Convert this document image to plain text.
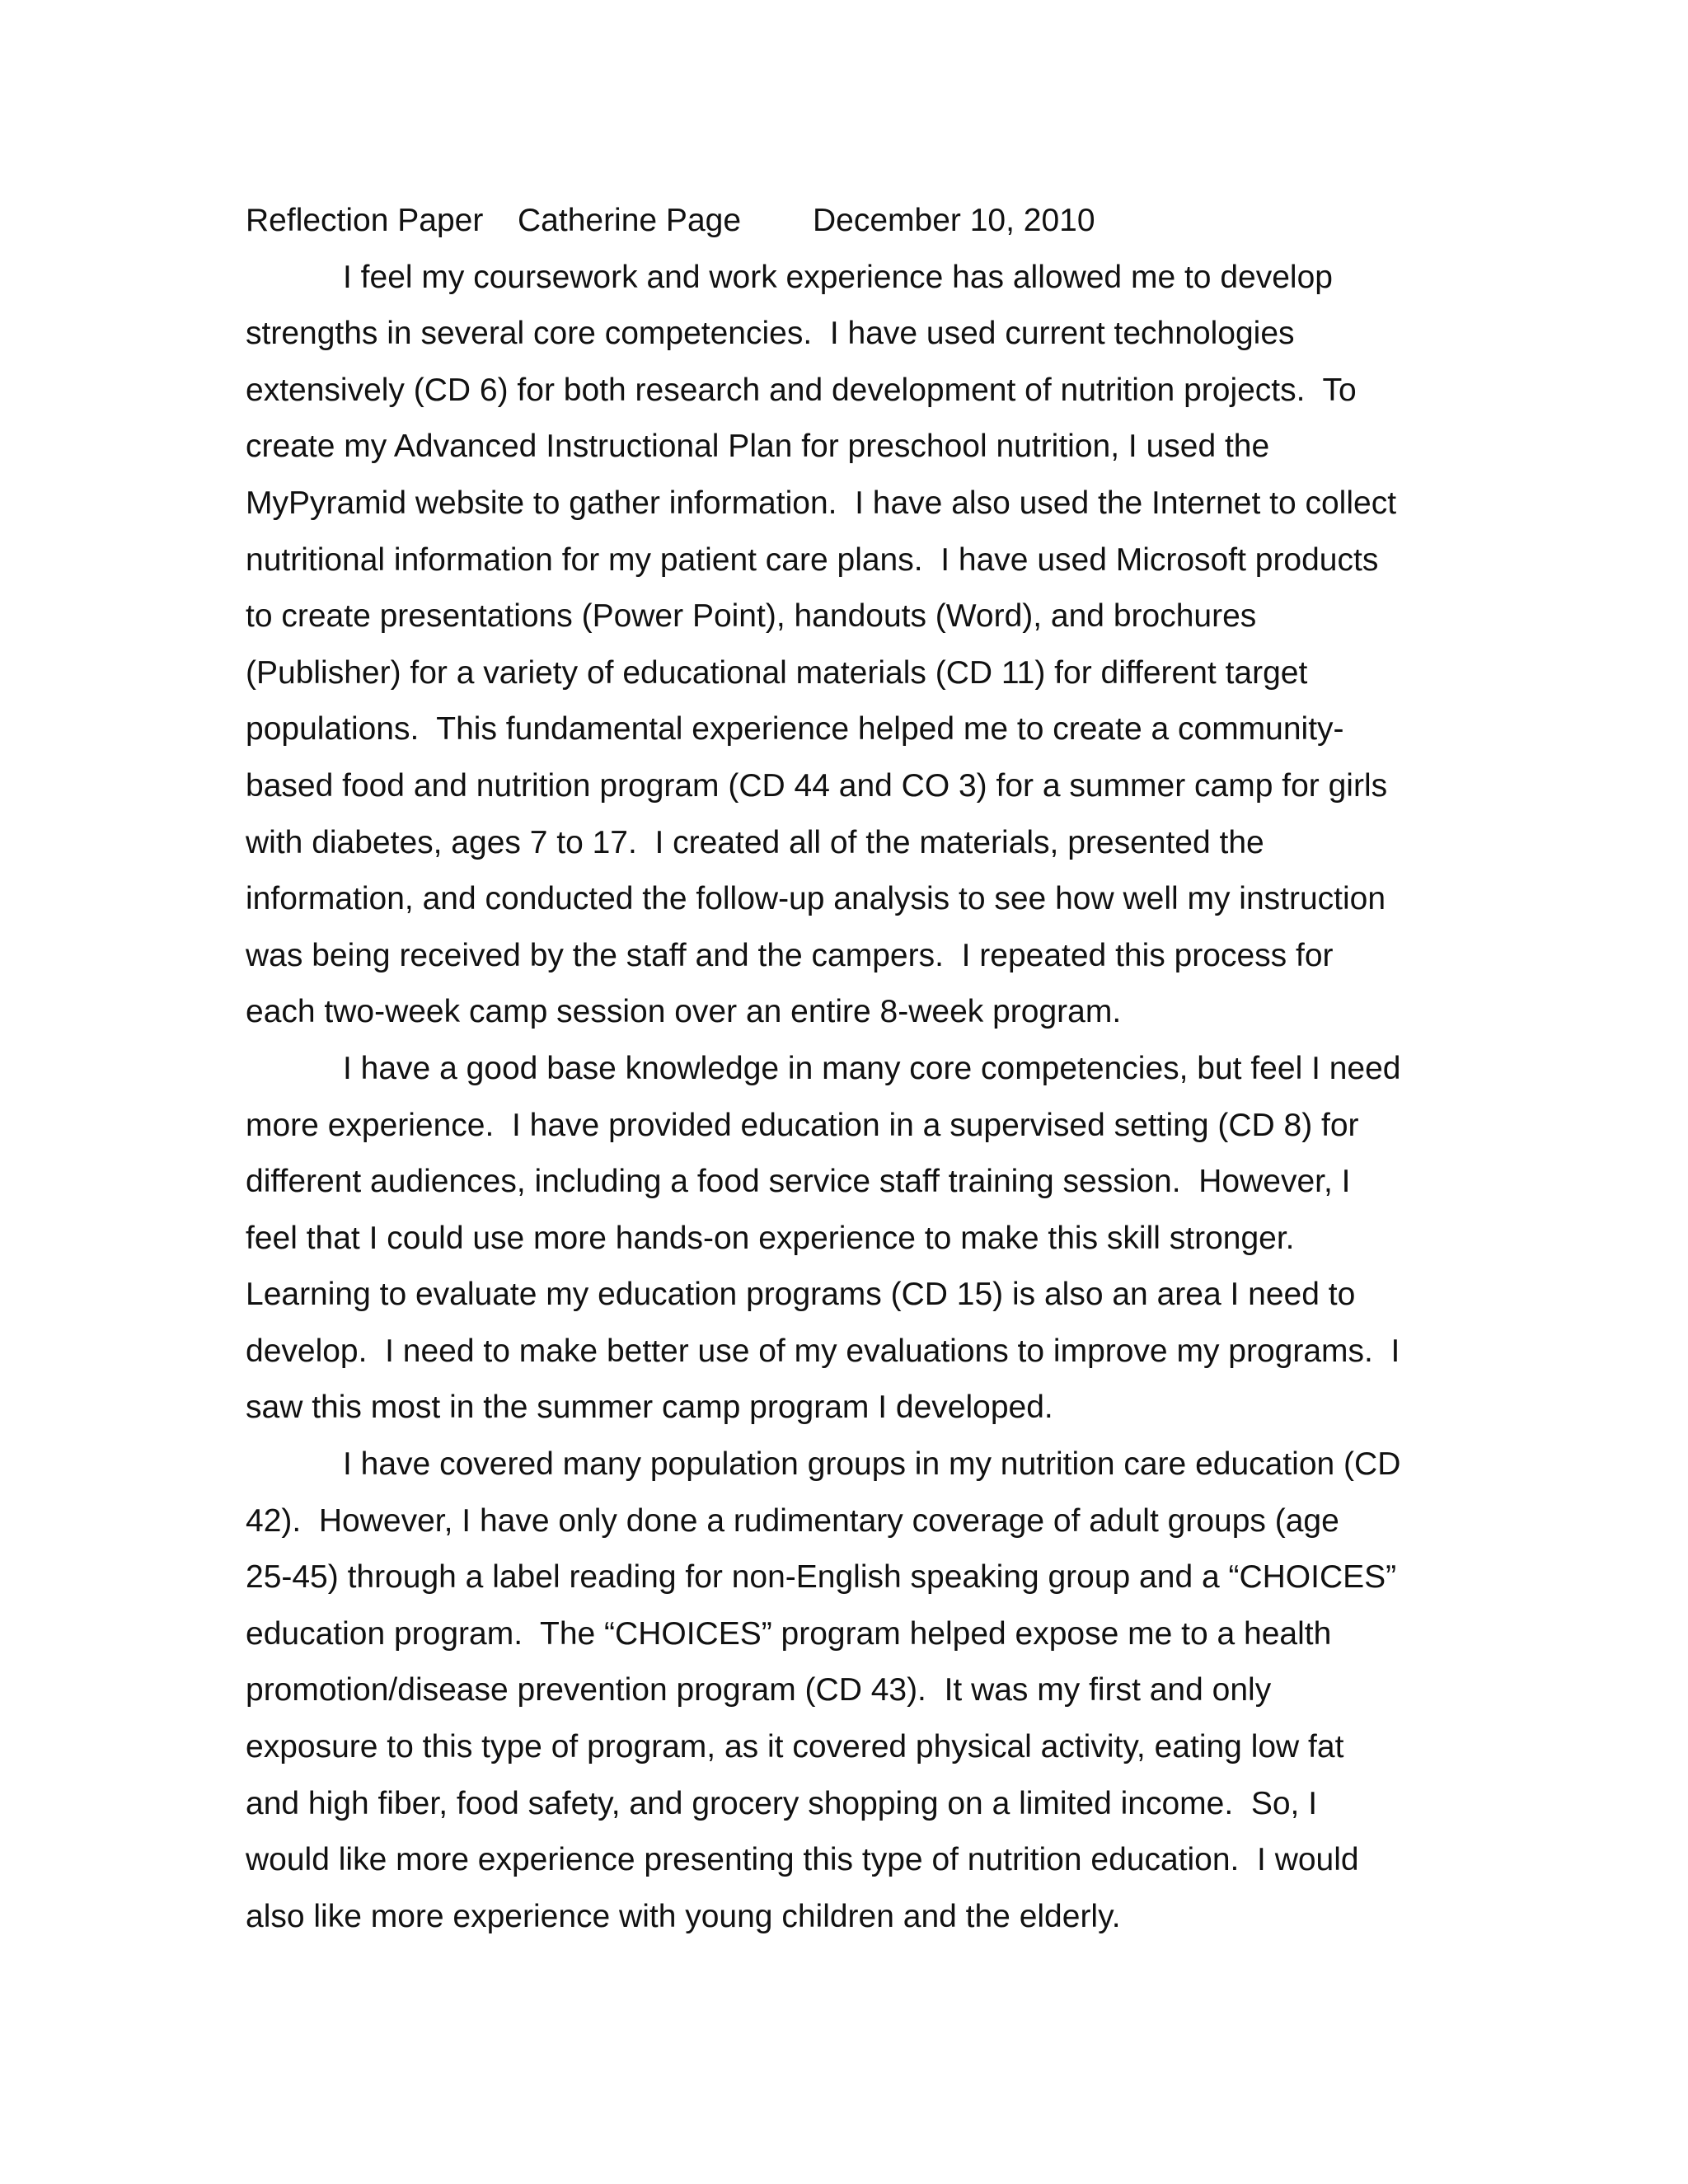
Reflection Paper Catherine Page December 10, 2010

I feel my coursework and work experience has allowed me to develop
strengths in several core competencies.  I have used current technologies
extensively (CD 6) for both research and development of nutrition projects.  To
create my Advanced Instructional Plan for preschool nutrition, I used the
MyPyramid website to gather information.  I have also used the Internet to collect
nutritional information for my patient care plans.  I have used Microsoft products
to create presentations (Power Point), handouts (Word), and brochures
(Publisher) for a variety of educational materials (CD 11) for different target
populations.  This fundamental experience helped me to create a community-
based food and nutrition program (CD 44 and CO 3) for a summer camp for girls
with diabetes, ages 7 to 17.  I created all of the materials, presented the
information, and conducted the follow-up analysis to see how well my instruction
was being received by the staff and the campers.  I repeated this process for
each two-week camp session over an entire 8-week program.

I have a good base knowledge in many core competencies, but feel I need
more experience.  I have provided education in a supervised setting (CD 8) for
different audiences, including a food service staff training session.  However, I
feel that I could use more hands-on experience to make this skill stronger.
Learning to evaluate my education programs (CD 15) is also an area I need to
develop.  I need to make better use of my evaluations to improve my programs.  I
saw this most in the summer camp program I developed.

I have covered many population groups in my nutrition care education (CD
42).  However, I have only done a rudimentary coverage of adult groups (age
25-45) through a label reading for non-English speaking group and a “CHOICES”
education program.  The “CHOICES” program helped expose me to a health
promotion/disease prevention program (CD 43).  It was my first and only
exposure to this type of program, as it covered physical activity, eating low fat
and high fiber, food safety, and grocery shopping on a limited income.  So, I
would like more experience presenting this type of nutrition education.  I would
also like more experience with young children and the elderly.
